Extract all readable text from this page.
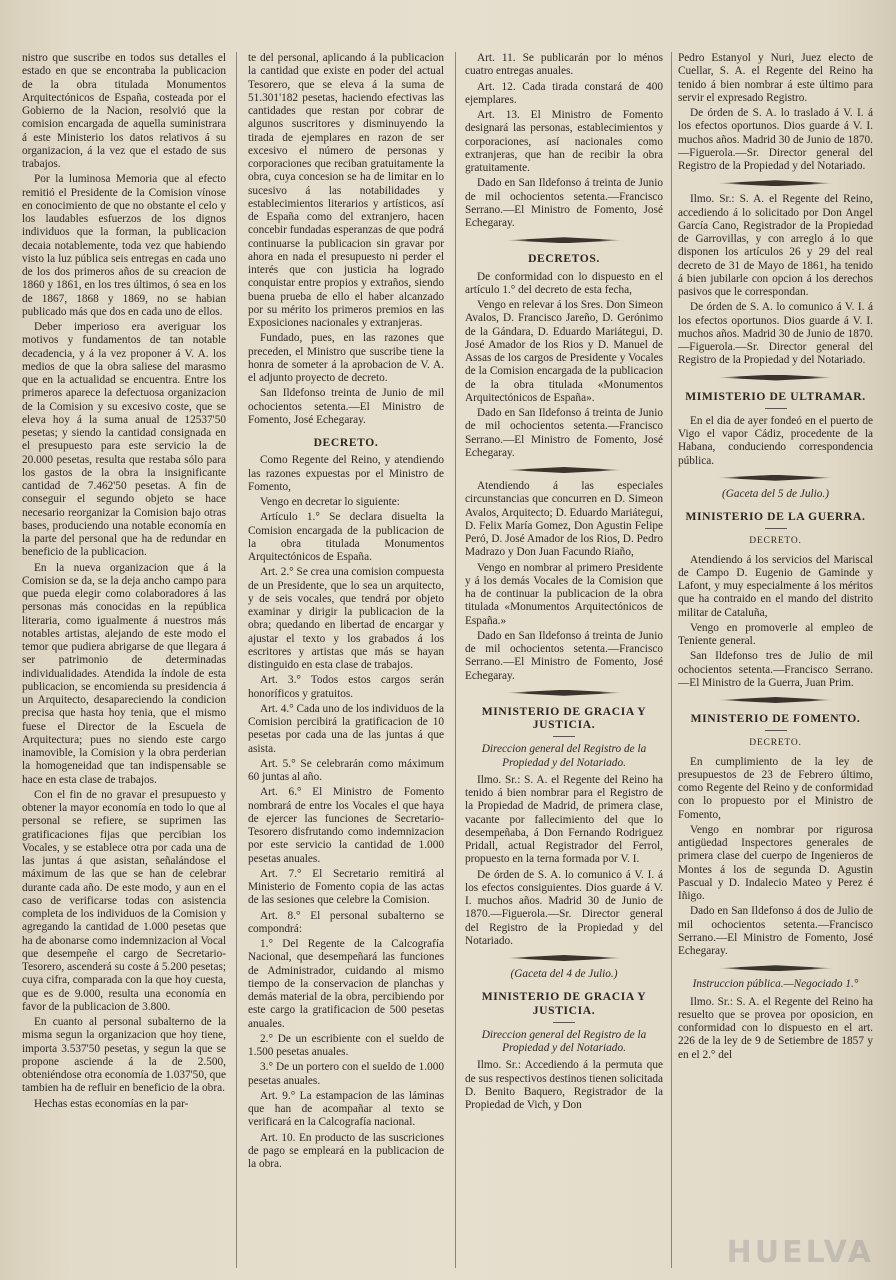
nistro que suscribe en todos sus detalles el estado en que se encontraba la publicacion de la obra titulada Monumentos Arquitectónicos de España, costeada por el Gobierno de la Nacion, resolvió que la comision encargada de aquella suministrara á este Ministerio los datos relativos á su organizacion, á la vez que el estado de sus trabajos.

Por la luminosa Memoria que al efecto remitió el Presidente de la Comision vínose en conocimiento de que no obstante el celo y los laudables esfuerzos de los dignos individuos que la forman, la publicacion decaia notablemente, toda vez que habiendo visto la luz pública seis entregas en cada uno de los dos primeros años de su creacion de 1860 y 1861, en los tres últimos, ó sea en los de 1867, 1868 y 1869, no se habian publicado más que dos en cada uno de ellos.

Deber imperioso era averiguar los motivos y fundamentos de tan notable decadencia, y á la vez proponer á V. A. los medios de que la obra saliese del marasmo que en la actualidad se encuentra. Entre los primeros aparece la defectuosa organizacion de la Comision y su excesivo coste, que se eleva hoy á la suma anual de 12537'50 pesetas; y siendo la cantidad consignada en el presupuesto para este servicio la de 20.000 pesetas, resulta que restaba sólo para los gastos de la obra la insignificante cantidad de 7.462'50 pesetas. A fin de conseguir el segundo objeto se hace necesario reorganizar la Comision bajo otras bases, produciendo una notable economía en la parte del personal que ha de redundar en beneficio de la publicacion.

En la nueva organizacion que á la Comision se da, se la deja ancho campo para que pueda elegir como colaboradores á las personas más conocidas en la república literaria, como igualmente á nuestros más notables artistas, alejando de este modo el temor que pudiera abrigarse de que llegara á ser patrimonio de determinadas individualidades. Atendida la índole de esta publicacion, se encomienda su presidencia á un Arquitecto, desapareciendo la condicion precisa que hasta hoy tenia, que el mismo fuese el Director de la Escuela de Arquitectura; pues no siendo este cargo inamovible, la Comision y la obra perderian la homogeneidad que tan indispensable se hace en esta clase de trabajos.

Con el fin de no gravar el presupuesto y obtener la mayor economía en todo lo que al personal se refiere, se suprimen las gratificaciones fijas que percibian los Vocales, y se establece otra por cada una de las juntas á que asistan, señalándose el máximum de las que se han de celebrar durante cada año. De este modo, y aun en el caso de verificarse todas con asistencia completa de los individuos de la Comision y agregando la cantidad de 1.000 pesetas que ha de abonarse como indemnizacion al Vocal que desempeñe el cargo de Secretario-Tesorero, ascenderá su coste á 5.200 pesetas; cuya cifra, comparada con la que hoy cuesta, que es de 9.000, resulta una economía en favor de la publicacion de 3.800.

En cuanto al personal subalterno de la misma segun la organizacion que hoy tiene, importa 3.537'50 pesetas, y segun la que se propone asciende á la de 2.500, obteniéndose otra economía de 1.037'50, que tambien ha de refluir en beneficio de la obra.

Hechas estas economías en la par-

te del personal, aplicando á la publicacion la cantidad que existe en poder del actual Tesorero, que se eleva á la suma de 51.301'182 pesetas, haciendo efectivas las cantidades que restan por cobrar de algunos suscritores y disminuyendo la tirada de ejemplares en razon de ser excesivo el número de personas y corporaciones que reciban gratuitamente la obra, cuya concesion se ha de limitar en lo sucesivo á las notabilidades y establecimientos literarios y artísticos, así de España como del extranjero, hacen concebir fundadas esperanzas de que podrá continuarse la publicacion sin gravar por ahora en nada el presupuesto ni perder el interés que con justicia ha logrado conquistar entre propios y extraños, siendo buena prueba de ello el haber alcanzado por su mérito los primeros premios en las Exposiciones nacionales y extranjeras.

Fundado, pues, en las razones que preceden, el Ministro que suscribe tiene la honra de someter á la aprobacion de V. A. el adjunto proyecto de decreto.

San Ildefonso treinta de Junio de mil ochocientos setenta.—El Ministro de Fomento, José Echegaray.

DECRETO.

Como Regente del Reino, y atendiendo las razones expuestas por el Ministro de Fomento,

Vengo en decretar lo siguiente:

Artículo 1.° Se declara disuelta la Comision encargada de la publicacion de la obra titulada Monumentos Arquitectónicos de España.

Art. 2.° Se crea una comision compuesta de un Presidente, que lo sea un arquitecto, y de seis vocales, que tendrá por objeto examinar y dirigir la publicacion de la obra; quedando en libertad de encargar y ajustar el texto y los grabados á los escritores y artistas que más se hayan distinguido en esta clase de trabajos.

Art. 3.° Todos estos cargos serán honoríficos y gratuitos.

Art. 4.° Cada uno de los individuos de la Comision percibirá la gratificacion de 10 pesetas por cada una de las juntas á que asista.

Art. 5.° Se celebrarán como máximum 60 juntas al año.

Art. 6.° El Ministro de Fomento nombrará de entre los Vocales el que haya de ejercer las funciones de Secretario-Tesorero disfrutando como indemnizacion por este servicio la cantidad de 1.000 pesetas anuales.

Art. 7.° El Secretario remitirá al Ministerio de Fomento copia de las actas de las sesiones que celebre la Comision.

Art. 8.° El personal subalterno se compondrá:

1.° Del Regente de la Calcografía Nacional, que desempeñará las funciones de Administrador, cuidando al mismo tiempo de la conservacion de planchas y demás material de la obra, percibiendo por este cargo la gratificacion de 500 pesetas anuales.

2.° De un escribiente con el sueldo de 1.500 pesetas anuales.

3.° De un portero con el sueldo de 1.000 pesetas anuales.

Art. 9.° La estampacion de las láminas que han de acompañar al texto se verificará en la Calcografía nacional.

Art. 10. En producto de las suscriciones de pago se empleará en la publicacion de la obra.

Art. 11. Se publicarán por lo ménos cuatro entregas anuales.

Art. 12. Cada tirada constará de 400 ejemplares.

Art. 13. El Ministro de Fomento designará las personas, establecimientos y corporaciones, así nacionales como extranjeras, que han de recibir la obra gratuitamente.

Dado en San Ildefonso á treinta de Junio de mil ochocientos setenta.—Francisco Serrano.—El Ministro de Fomento, José Echegaray.

DECRETOS.

De conformidad con lo dispuesto en el artículo 1.° del decreto de esta fecha,

Vengo en relevar á los Sres. Don Simeon Avalos, D. Francisco Jareño, D. Gerónimo de la Gándara, D. Eduardo Mariátegui, D. José Amador de los Rios y D. Manuel de Assas de los cargos de Presidente y Vocales de la Comision encargada de la publicacion de la obra titulada «Monumentos Arquitectónicos de España».

Dado en San Ildefonso á treinta de Junio de mil ochocientos setenta.—Francisco Serrano.—El Ministro de Fomento, José Echegaray.

Atendiendo á las especiales circunstancias que concurren en D. Simeon Avalos, Arquitecto; D. Eduardo Mariátegui, D. Felix María Gomez, Don Agustin Felipe Peró, D. José Amador de los Rios, D. Pedro Madrazo y Don Juan Facundo Riaño,

Vengo en nombrar al primero Presidente y á los demás Vocales de la Comision que ha de continuar la publicacion de la obra titulada «Monumentos Arquitectónicos de España.»

Dado en San Ildefonso á treinta de Junio de mil ochocientos setenta.—Francisco Serrano.—El Ministro de Fomento, José Echegaray.

MINISTERIO DE GRACIA Y JUSTICIA.

Direccion general del Registro de la Propiedad y del Notariado.

Ilmo. Sr.: S. A. el Regente del Reino ha tenido á bien nombrar para el Registro de la Propiedad de Madrid, de primera clase, vacante por fallecimiento del que lo desempeñaba, á Don Fernando Rodriguez Pridall, actual Registrador del Ferrol, propuesto en la terna formada por V. I.

De órden de S. A. lo comunico á V. I. á los efectos consiguientes. Dios guarde á V. I. muchos años. Madrid 30 de Junio de 1870.—Figuerola.—Sr. Director general del Registro de la Propiedad y del Notariado.

(Gaceta del 4 de Julio.)

MINISTERIO DE GRACIA Y JUSTICIA.

Direccion general del Registro de la Propiedad y del Notariado.

Ilmo. Sr.: Accediendo á la permuta que de sus respectivos destinos tienen solicitada D. Benito Baquero, Registrador de la Propiedad de Vich, y Don

Pedro Estanyol y Nuri, Juez electo de Cuellar, S. A. el Regente del Reino ha tenido á bien nombrar á este último para servir el expresado Registro.

De órden de S. A. lo traslado á V. I. á los efectos oportunos. Dios guarde á V. I. muchos años. Madrid 30 de Junio de 1870.—Figuerola.—Sr. Director general del Registro de la Propiedad y del Notariado.

Ilmo. Sr.: S. A. el Regente del Reino, accediendo á lo solicitado por Don Angel García Cano, Registrador de la Propiedad de Garrovillas, y con arreglo á lo que disponen los artículos 26 y 29 del real decreto de 31 de Mayo de 1861, ha tenido á bien jubilarle con opcion á los derechos pasivos que le correspondan.

De órden de S. A. lo comunico á V. I. á los efectos oportunos. Dios guarde á V. I. muchos años. Madrid 30 de Junio de 1870.—Figuerola.—Sr. Director general del Registro de la Propiedad y del Notariado.

MIMISTERIO DE ULTRAMAR.

En el dia de ayer fondeó en el puerto de Vigo el vapor Cádiz, procedente de la Habana, conduciendo correspondencia pública.

(Gaceta del 5 de Julio.)

MINISTERIO DE LA GUERRA.
DECRETO.

Atendiendo á los servicios del Mariscal de Campo D. Eugenio de Gaminde y Lafont, y muy especialmente á los méritos que ha contraido en el mando del distrito militar de Cataluña,

Vengo en promoverle al empleo de Teniente general.

San Ildefonso tres de Julio de mil ochocientos setenta.—Francisco Serrano.—El Ministro de la Guerra, Juan Prim.

MINISTERIO DE FOMENTO.
DECRETO.

En cumplimiento de la ley de presupuestos de 23 de Febrero último, como Regente del Reino y de conformidad con lo propuesto por el Ministro de Fomento,

Vengo en nombrar por rigurosa antigüedad Inspectores generales de primera clase del cuerpo de Ingenieros de Montes á los de segunda D. Agustin Pascual y D. Indalecio Mateo y Perez é Iñigo.

Dado en San Ildefonso á dos de Julio de mil ochocientos setenta.—Francisco Serrano.—El Ministro de Fomento, José Echegaray.

Instruccion pública.—Negociado 1.°

Ilmo. Sr.: S. A. el Regente del Reino ha resuelto que se provea por oposicion, en conformidad con lo dispuesto en el art. 226 de la ley de 9 de Setiembre de 1857 y en el 2.° del

HUELVA
